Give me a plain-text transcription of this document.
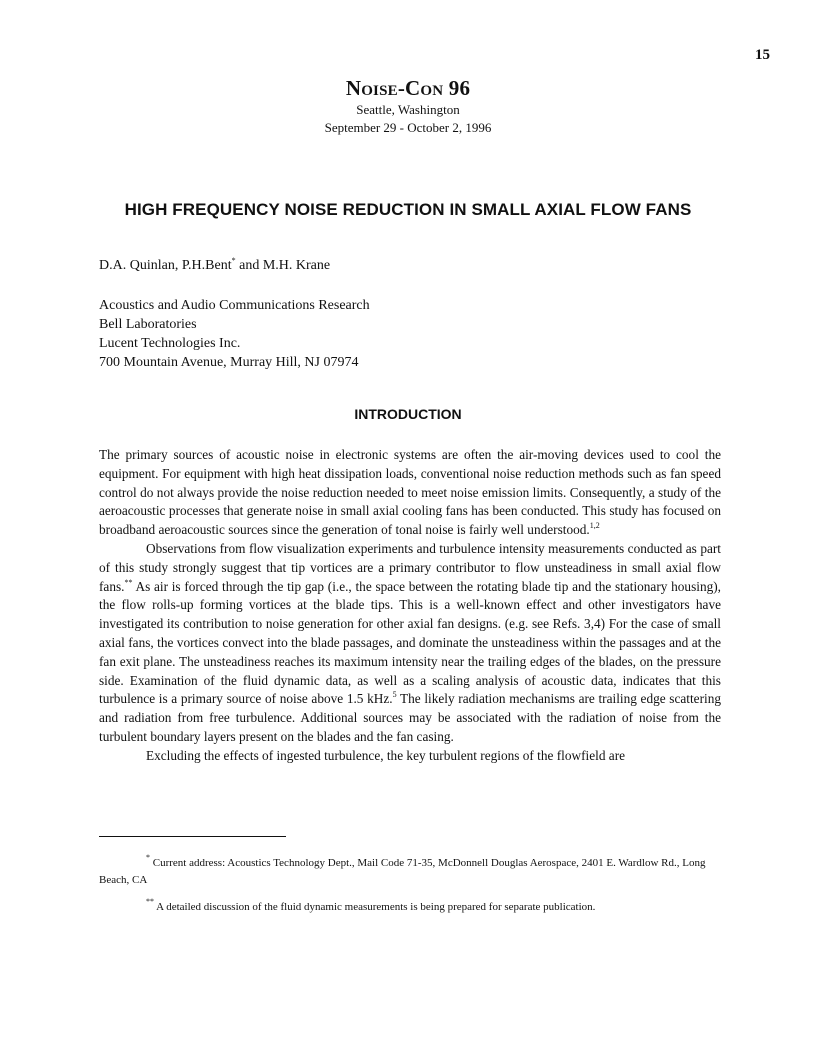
15
NOISE-CON 96
Seattle, Washington
September 29 - October 2, 1996
HIGH FREQUENCY NOISE REDUCTION IN SMALL AXIAL FLOW FANS
D.A. Quinlan, P.H.Bent* and M.H. Krane
Acoustics and Audio Communications Research
Bell Laboratories
Lucent Technologies Inc.
700 Mountain Avenue, Murray Hill, NJ 07974
INTRODUCTION

The primary sources of acoustic noise in electronic systems are often the air-moving devices used to cool the equipment. For equipment with high heat dissipation loads, conventional noise reduction methods such as fan speed control do not always provide the noise reduction needed to meet noise emission limits. Consequently, a study of the aeroacoustic processes that generate noise in small axial cooling fans has been conducted. This study has focused on broadband aeroacoustic sources since the generation of tonal noise is fairly well understood.$^{1,2}$

Observations from flow visualization experiments and turbulence intensity measurements conducted as part of this study strongly suggest that tip vortices are a primary contributor to flow unsteadiness in small axial flow fans.** As air is forced through the tip gap (i.e., the space between the rotating blade tip and the stationary housing), the flow rolls-up forming vortices at the blade tips. This is a well-known effect and other investigators have investigated its contribution to noise generation for other axial fan designs. (e.g. see Refs. 3,4) For the case of small axial fans, the vortices convect into the blade passages, and dominate the unsteadiness within the passages and at the fan exit plane. The unsteadiness reaches its maximum intensity near the trailing edges of the blades, on the pressure side. Examination of the fluid dynamic data, as well as a scaling analysis of acoustic data, indicates that this turbulence is a primary source of noise above 1.5 kHz.$^5$ The likely radiation mechanisms are trailing edge scattering and radiation from free turbulence. Additional sources may be associated with the radiation of noise from the turbulent boundary layers present on the blades and the fan casing.

Excluding the effects of ingested turbulence, the key turbulent regions of the flowfield are

* Current address: Acoustics Technology Dept., Mail Code 71-35, McDonnell Douglas Aerospace, 2401 E. Wardlow Rd., Long Beach, CA

** A detailed discussion of the fluid dynamic measurements is being prepared for separate publication.
